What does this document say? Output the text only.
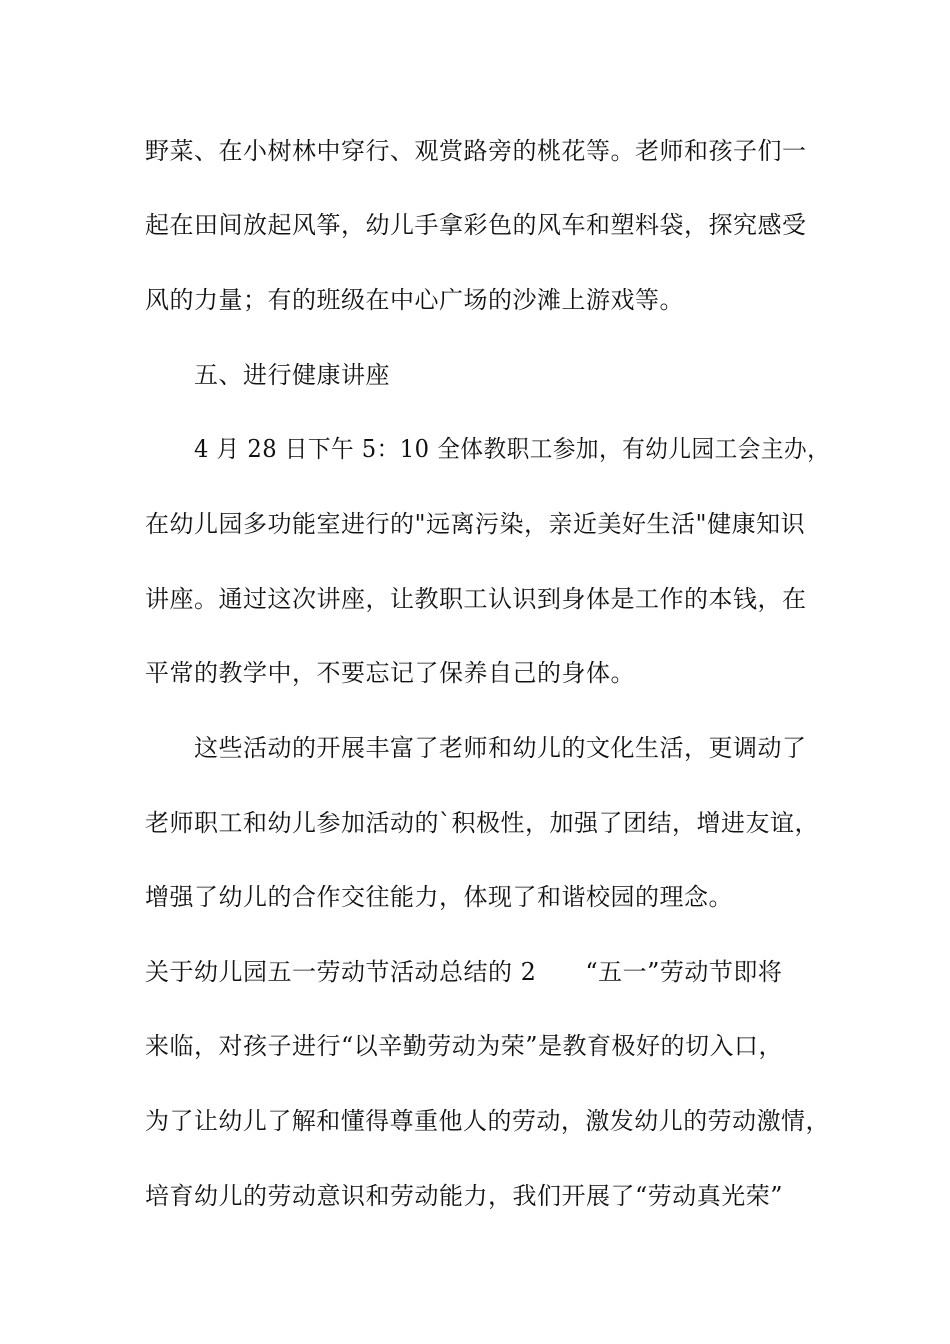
野菜、在小树林中穿行、观赏路旁的桃花等。老师和孩子们一
起在田间放起风筝，幼儿手拿彩色的风车和塑料袋，探究感受
风的力量；有的班级在中心广场的沙滩上游戏等。
五、进行健康讲座
4 月 28 日下午 5：10 全体教职工参加，有幼儿园工会主办，
在幼儿园多功能室进行的"远离污染，亲近美好生活"健康知识
讲座。通过这次讲座，让教职工认识到身体是工作的本钱，在
平常的教学中，不要忘记了保养自己的身体。
这些活动的开展丰富了老师和幼儿的文化生活，更调动了
老师职工和幼儿参加活动的`积极性，加强了团结，增进友谊，
增强了幼儿的合作交往能力，体现了和谐校园的理念。
关于幼儿园五一劳动节活动总结的 2　　“五一”劳动节即将
来临，对孩子进行“以辛勤劳动为荣”是教育极好的切入口，
为了让幼儿了解和懂得尊重他人的劳动，激发幼儿的劳动激情，
培育幼儿的劳动意识和劳动能力，我们开展了“劳动真光荣”
